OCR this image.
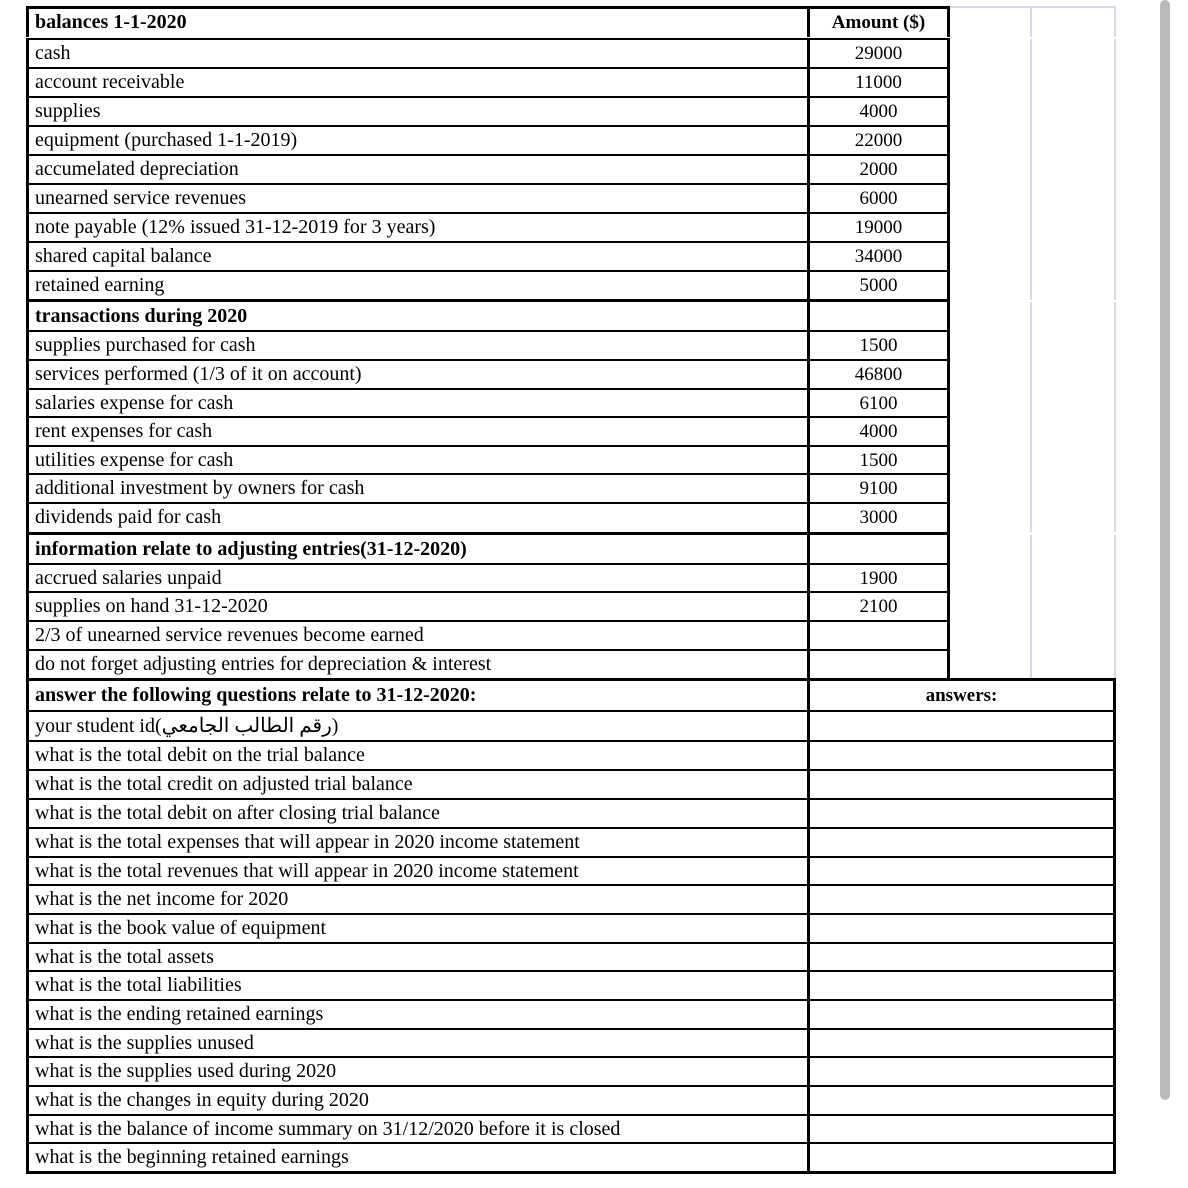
balances 1-1-2020	Amount ($)
cash	29000
account receivable	11000
supplies	4000
equipment (purchased 1-1-2019)	22000
accumelated depreciation	2000
unearned service revenues	6000
note payable (12% issued 31-12-2019 for 3 years)	19000
shared capital balance	34000
retained earning	5000
transactions during 2020
supplies purchased for cash	1500
services performed (1/3 of it on account)	46800
salaries expense for cash	6100
rent expenses for cash	4000
utilities expense for cash	1500
additional investment by owners for cash	9100
dividends paid for cash	3000
information relate to adjusting entries(31-12-2020)
accrued salaries unpaid	1900
supplies on hand 31-12-2020	2100
2/3 of unearned service revenues become earned
do not forget adjusting entries for depreciation & interest
answer the following questions relate to 31-12-2020:	answers:
your student id(رقم الطالب الجامعي)
what is the total debit on the trial balance
what is the total credit on adjusted trial balance
what is the total debit on after closing trial balance
what is the total expenses that will appear in 2020 income statement
what is the total revenues that will appear in 2020 income statement
what is the net income for 2020
what is the book value of equipment
what is the total assets
what is the total liabilities
what is the ending retained earnings
what is the supplies unused
what is the supplies used during 2020
what is the changes in equity during 2020
what is the balance of income summary on 31/12/2020 before it is closed
what is the beginning retained earnings
